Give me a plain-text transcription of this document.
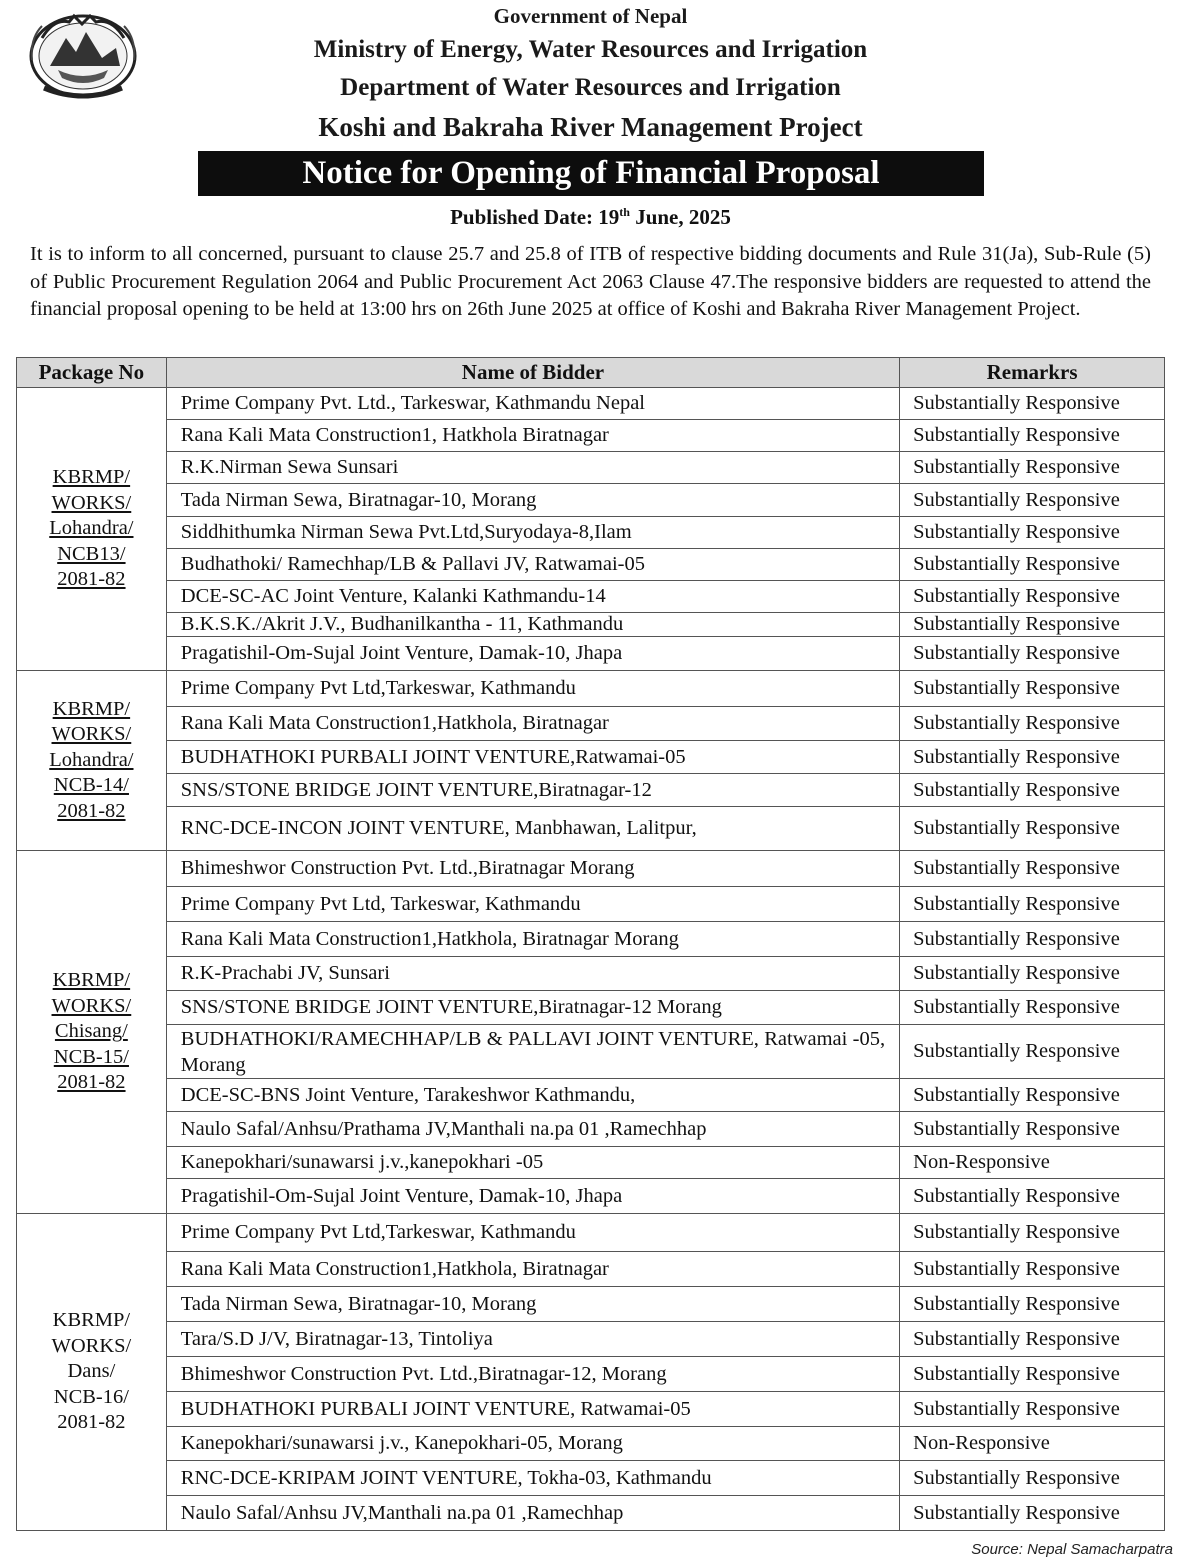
Government of Nepal
Ministry of Energy, Water Resources and Irrigation
Department of Water Resources and Irrigation
Koshi and Bakraha River Management Project
Notice for Opening of Financial Proposal
Published Date: 19th June, 2025
It is to inform to all concerned, pursuant to clause 25.7 and 25.8 of ITB of respective bidding documents and Rule 31(Ja), Sub-Rule (5) of Public Procurement Regulation 2064 and Public Procurement Act 2063 Clause 47.The responsive bidders are requested to attend the financial proposal opening to be held at 13:00 hrs on 26th June 2025 at office of Koshi and Bakraha River Management Project.
Package No	Name of Bidder	Remarkrs
KBRMP/
WORKS/
Lohandra/
NCB13/
2081-82	Prime Company Pvt. Ltd., Tarkeswar, Kathmandu Nepal	Substantially Responsive
	Rana Kali Mata Construction1, Hatkhola Biratnagar	Substantially Responsive
	R.K.Nirman Sewa Sunsari	Substantially Responsive
	Tada Nirman Sewa, Biratnagar-10, Morang	Substantially Responsive
	Siddhithumka Nirman Sewa Pvt.Ltd,Suryodaya-8,Ilam	Substantially Responsive
	Budhathoki/ Ramechhap/LB & Pallavi JV, Ratwamai-05	Substantially Responsive
	DCE-SC-AC Joint Venture, Kalanki Kathmandu-14	Substantially Responsive
	B.K.S.K./Akrit J.V., Budhanilkantha - 11, Kathmandu	Substantially Responsive
	Pragatishil-Om-Sujal Joint Venture, Damak-10, Jhapa	Substantially Responsive
KBRMP/
WORKS/
Lohandra/
NCB-14/
2081-82	Prime Company Pvt Ltd,Tarkeswar, Kathmandu	Substantially Responsive
	Rana Kali Mata Construction1,Hatkhola, Biratnagar	Substantially Responsive
	BUDHATHOKI PURBALI JOINT VENTURE,Ratwamai-05	Substantially Responsive
	SNS/STONE BRIDGE JOINT VENTURE,Biratnagar-12	Substantially Responsive
	RNC-DCE-INCON JOINT VENTURE, Manbhawan, Lalitpur,	Substantially Responsive
KBRMP/
WORKS/
Chisang/
NCB-15/
2081-82	Bhimeshwor Construction Pvt. Ltd.,Biratnagar Morang	Substantially Responsive
	Prime Company Pvt Ltd, Tarkeswar, Kathmandu	Substantially Responsive
	Rana Kali Mata Construction1,Hatkhola, Biratnagar Morang	Substantially Responsive
	R.K-Prachabi JV, Sunsari	Substantially Responsive
	SNS/STONE BRIDGE JOINT VENTURE,Biratnagar-12 Morang	Substantially Responsive
	BUDHATHOKI/RAMECHHAP/LB & PALLAVI JOINT VENTURE, Ratwamai -05, Morang	Substantially Responsive
	DCE-SC-BNS Joint Venture, Tarakeshwor Kathmandu,	Substantially Responsive
	Naulo Safal/Anhsu/Prathama JV,Manthali na.pa 01 ,Ramechhap	Substantially Responsive
	Kanepokhari/sunawarsi j.v.,kanepokhari -05	Non-Responsive
	Pragatishil-Om-Sujal Joint Venture, Damak-10, Jhapa	Substantially Responsive
KBRMP/
WORKS/
Dans/
NCB-16/
2081-82	Prime Company Pvt Ltd,Tarkeswar, Kathmandu	Substantially Responsive
	Rana Kali Mata Construction1,Hatkhola, Biratnagar	Substantially Responsive
	Tada Nirman Sewa, Biratnagar-10, Morang	Substantially Responsive
	Tara/S.D J/V, Biratnagar-13, Tintoliya	Substantially Responsive
	Bhimeshwor Construction Pvt. Ltd.,Biratnagar-12, Morang	Substantially Responsive
	BUDHATHOKI PURBALI JOINT VENTURE, Ratwamai-05	Substantially Responsive
	Kanepokhari/sunawarsi j.v., Kanepokhari-05, Morang	Non-Responsive
	RNC-DCE-KRIPAM JOINT VENTURE, Tokha-03, Kathmandu	Substantially Responsive
	Naulo Safal/Anhsu JV,Manthali na.pa 01 ,Ramechhap	Substantially Responsive
Source: Nepal Samacharpatra
